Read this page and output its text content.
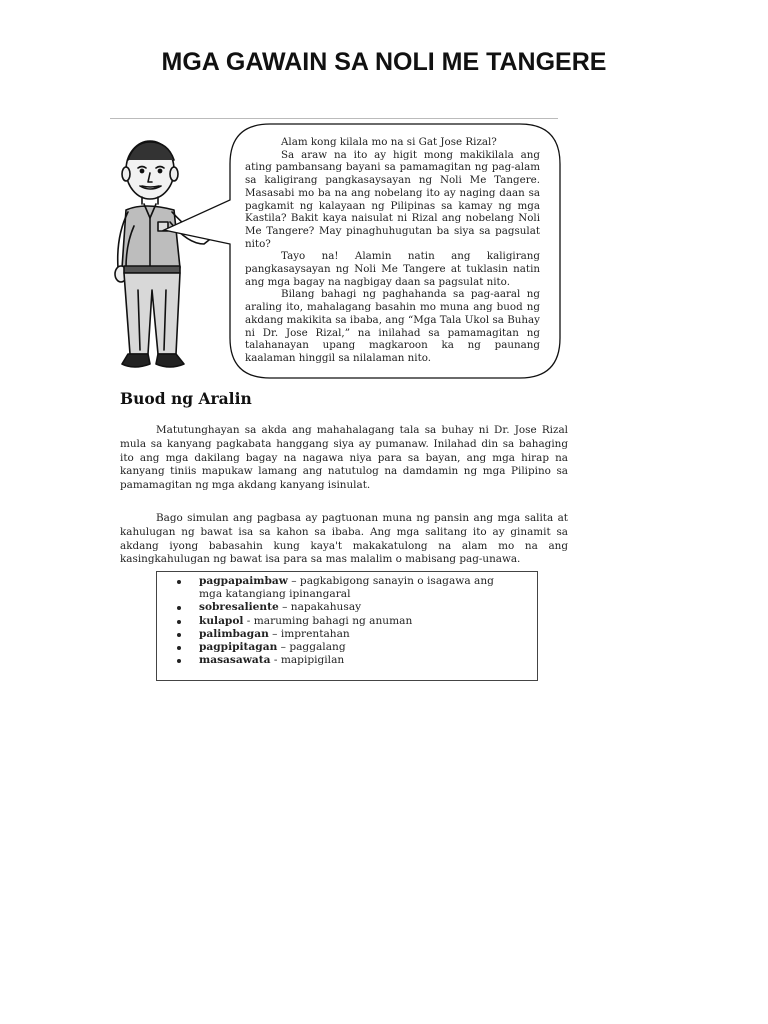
MGA GAWAIN SA NOLI ME TANGERE

Alam kong kilala mo na si Gat Jose Rizal?

Sa araw na ito ay higit mong makikilala ang ating pambansang bayani sa pamamagitan ng pag-alam sa kaligirang pangkasaysayan ng Noli Me Tangere. Masasabi mo ba na ang nobelang ito ay naging daan sa pagkamit ng kalayaan ng Pilipinas sa kamay ng mga Kastila? Bakit kaya naisulat ni Rizal ang nobelang Noli Me Tangere? May pinaghuhugutan ba siya sa pagsulat nito?

Tayo na! Alamin natin ang kaligirang pangkasaysayan ng Noli Me Tangere at tuklasin natin ang mga bagay na nagbigay daan sa pagsulat nito.

Bilang bahagi ng paghahanda sa pag-aaral ng araling ito, mahalagang basahin mo muna ang buod ng akdang makikita sa ibaba, ang “Mga Tala Ukol sa Buhay ni Dr. Jose Rizal,” na inilahad sa pamamagitan ng talahanayan upang magkaroon ka ng paunang kaalaman hinggil sa nilalaman nito.

Buod ng Aralin

Matutunghayan sa akda ang mahahalagang tala sa buhay ni Dr. Jose Rizal mula sa kanyang pagkabata hanggang siya ay pumanaw. Inilahad din sa bahaging ito ang mga dakilang bagay na nagawa niya para sa bayan, ang mga hirap na kanyang tiniis mapukaw lamang ang natutulog na damdamin ng mga Pilipino sa pamamagitan ng mga akdang kanyang isinulat.

Bago simulan ang pagbasa ay pagtuonan muna ng pansin ang mga salita at kahulugan ng bawat isa sa kahon sa ibaba. Ang mga salitang ito ay ginamit sa akdang iyong babasahin kung kaya't makakatulong na alam mo na ang kasingkahulugan ng bawat isa para sa mas malalim o mabisang pag-unawa.

pagpapaimbaw – pagkabigong sanayin o isagawa ang mga katangiang ipinangaral
sobresaliente – napakahusay
kulapol - maruming bahagi ng anuman
palimbagan – imprentahan
pagpipitagan – paggalang
masasawata - mapipigilan
